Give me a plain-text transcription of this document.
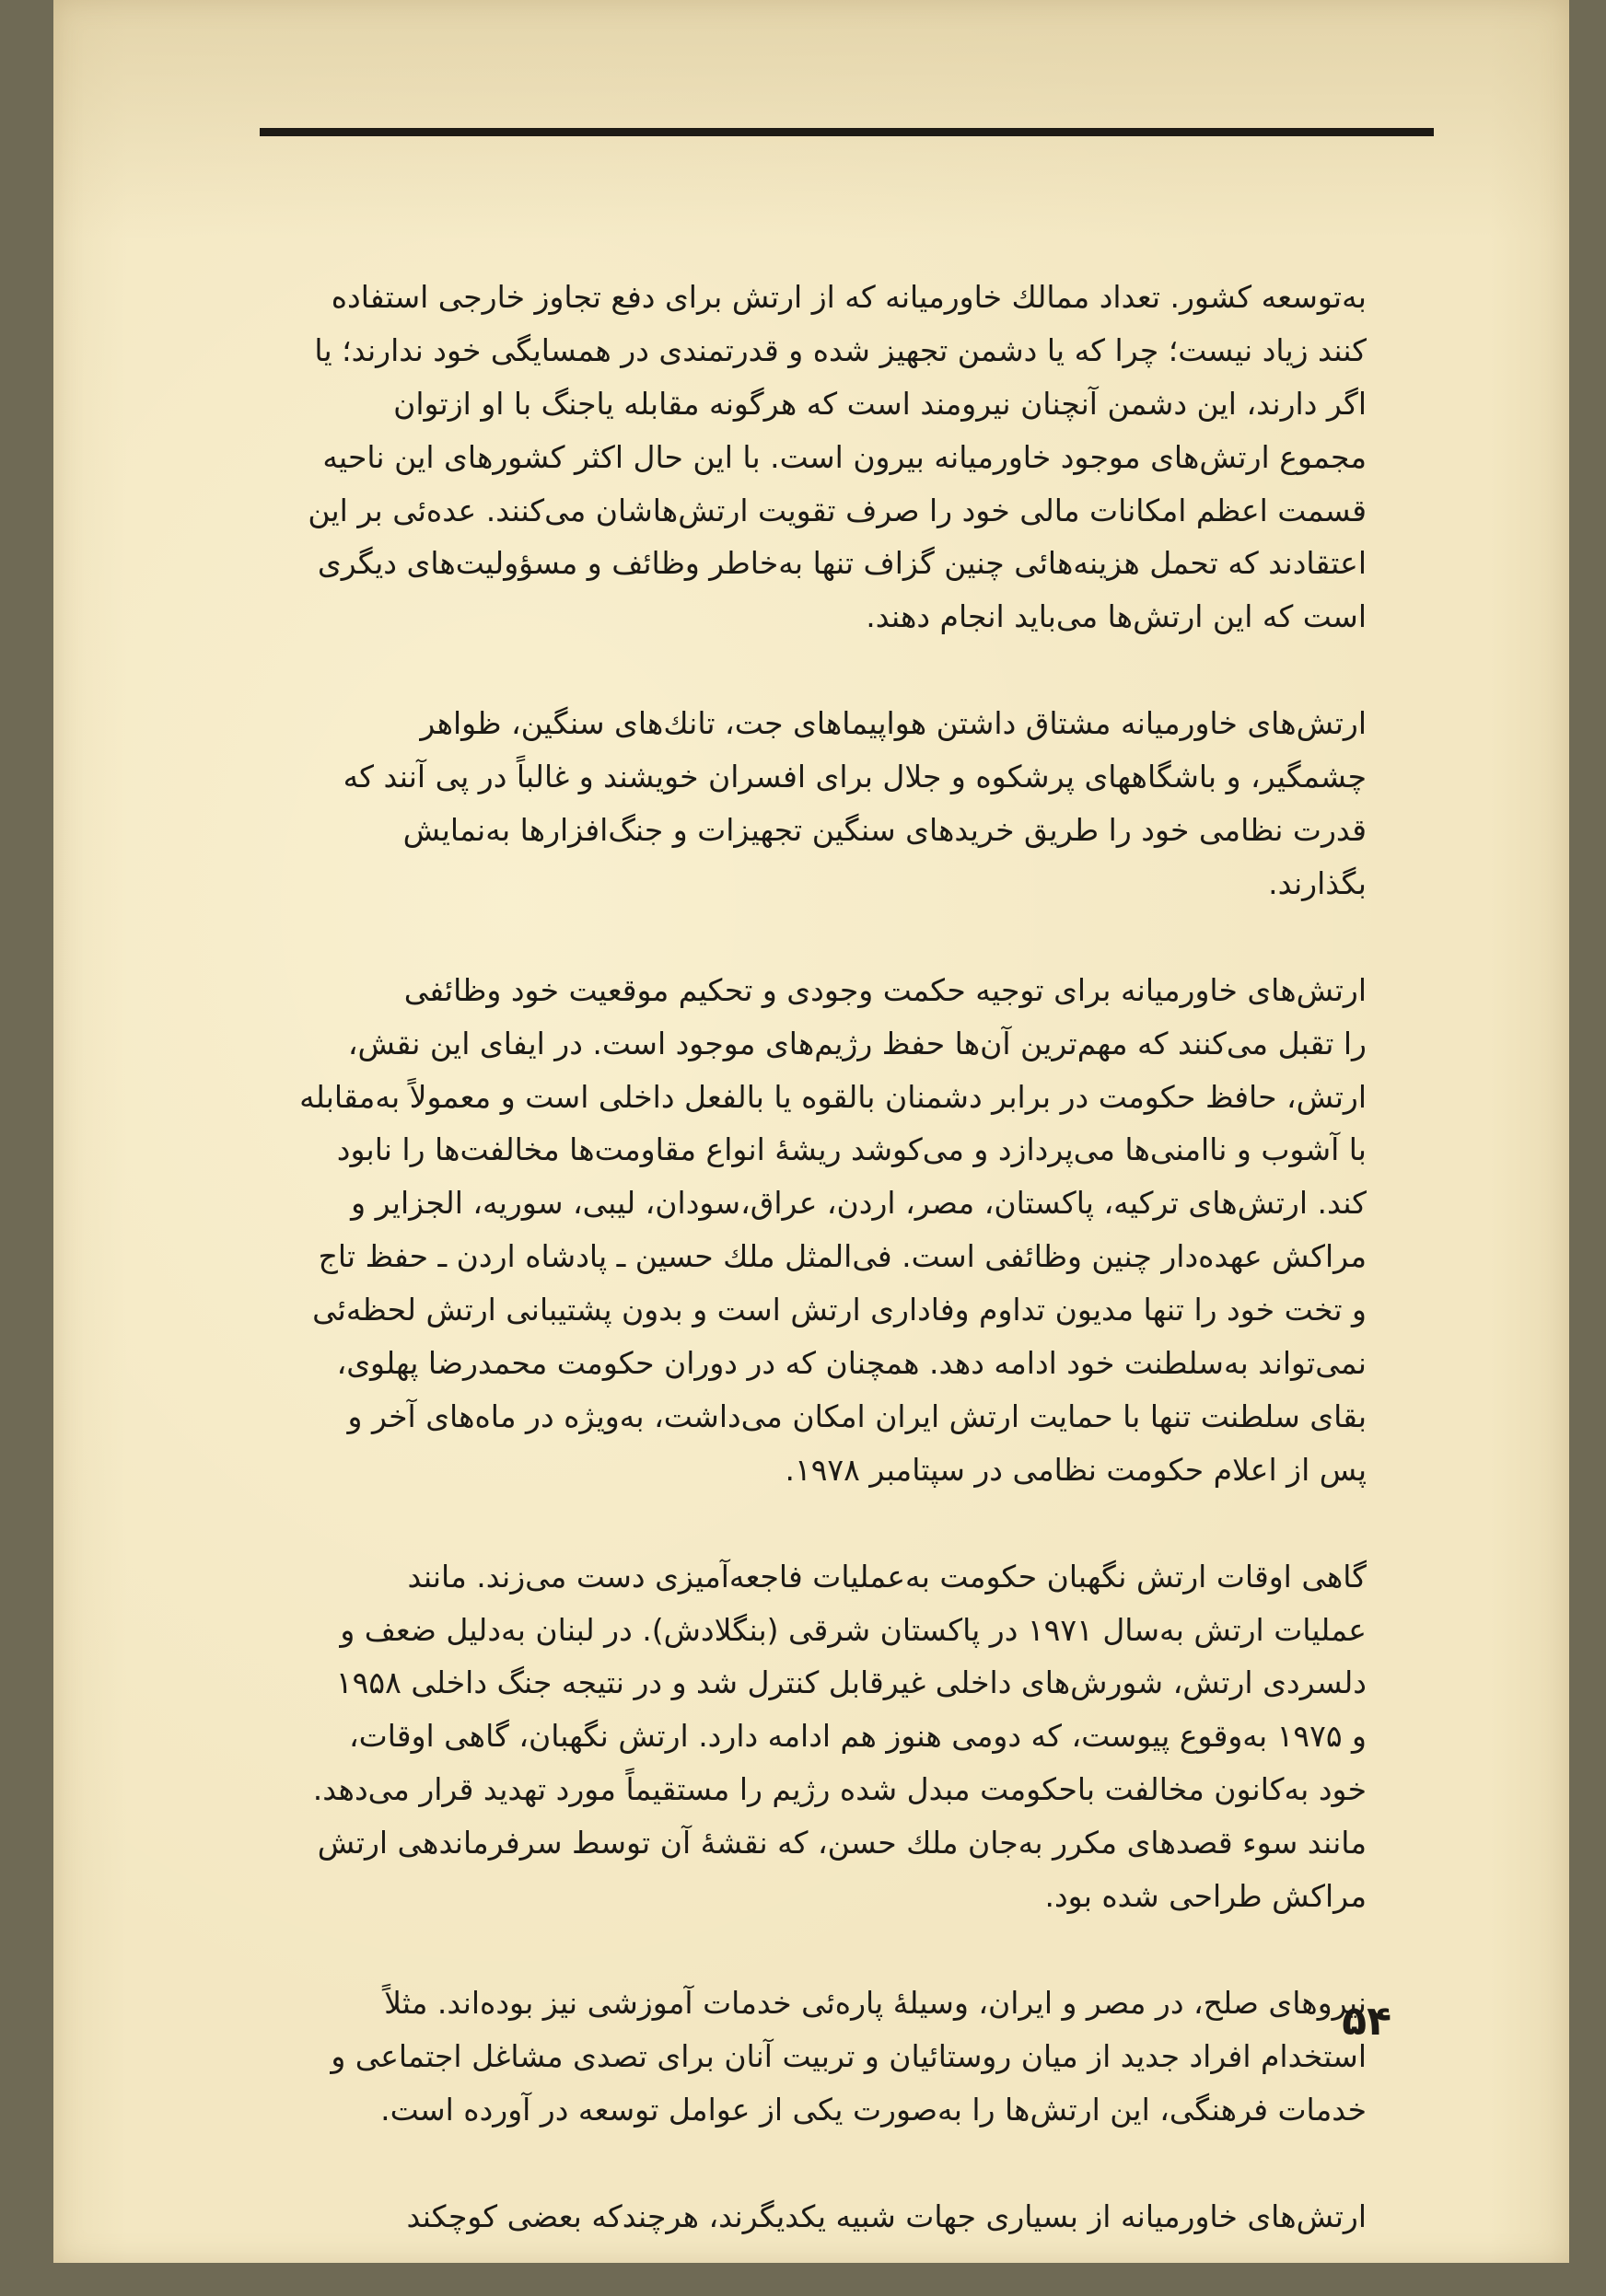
به‌توسعه کشور. تعداد ممالك خاورمیانه که از ارتش برای دفع تجاوز خارجی استفاده
کنند زیاد نیست؛ چرا که یا دشمن تجهیز شده و قدرتمندی در همسایگی خود ندارند؛ یا
اگر دارند، این دشمن آنچنان نیرومند است که هرگونه مقابله یاجنگ با او ازتوان
مجموع ارتش‌های موجود خاورمیانه بیرون است. با این حال اکثر کشورهای این ناحیه
قسمت اعظم امکانات مالی خود را صرف تقویت ارتش‌هاشان می‌کنند. عده‌ئی بر این
اعتقادند که تحمل هزینه‌هائی چنین گزاف تنها به‌خاطر وظائف و مسؤولیت‌های دیگری
است که این ارتش‌ها می‌باید انجام دهند.

ارتش‌های خاورمیانه مشتاق داشتن هواپیماهای جت، تانك‌های سنگین، ظواهر
چشمگیر، و باشگاههای پرشکوه و جلال برای افسران خویشند و غالباً در پی آنند که
قدرت نظامی خود را طریق خریدهای سنگین تجهیزات و جنگ‌افزارها به‌نمایش
بگذارند.

ارتش‌های خاورمیانه برای توجیه حکمت وجودی و تحکیم موقعیت خود وظائفی
را تقبل می‌کنند که مهم‌ترین آن‌ها حفظ رژیم‌های موجود است. در ایفای این نقش،
ارتش، حافظ حکومت در برابر دشمنان بالقوه یا بالفعل داخلی است و معمولاً به‌مقابله
با آشوب و ناامنی‌ها می‌پردازد و می‌کوشد ریشهٔ انواع مقاومت‌ها مخالفت‌ها را نابود
کند. ارتش‌های ترکیه، پاکستان، مصر، اردن، عراق،سودان، لیبی، سوریه، الجزایر و
مراکش عهده‌دار چنین وظائفی است. فی‌المثل ملك حسین ـ پادشاه اردن ـ حفظ تاج
و تخت خود را تنها مدیون تداوم وفاداری ارتش است و بدون پشتیبانی ارتش لحظه‌ئی
نمی‌تواند به‌سلطنت خود ادامه دهد. همچنان که در دوران حکومت محمدرضا پهلوی،
بقای سلطنت تنها با حمایت ارتش ایران امکان می‌داشت، به‌ویژه در ماه‌های آخر و
پس از اعلام حکومت نظامی در سپتامبر ۱۹۷۸.

گاهی اوقات ارتش نگهبان حکومت به‌عملیات فاجعه‌آمیزی دست می‌زند. مانند
عملیات ارتش به‌سال ۱۹۷۱ در پاکستان شرقی (بنگلادش). در لبنان به‌دلیل ضعف و
دلسردی ارتش، شورش‌های داخلی غیرقابل کنترل شد و در نتیجه جنگ داخلی ۱۹۵۸
و ۱۹۷۵ به‌وقوع پیوست، که دومی هنوز هم ادامه دارد. ارتش نگهبان، گاهی اوقات،
خود به‌کانون مخالفت باحکومت مبدل شده رژیم را مستقیماً مورد تهدید قرار می‌دهد.
مانند سوء قصدهای مکرر به‌جان ملك حسن، که نقشهٔ آن توسط سرفرماندهی ارتش
مراکش طراحی شده بود.

نیروهای صلح، در مصر و ایران، وسیلهٔ پاره‌ئی خدمات آموزشی نیز بوده‌اند. مثلاً
استخدام افراد جدید از میان روستائیان و تربیت آنان برای تصدی مشاغل اجتماعی و
خدمات فرهنگی، این ارتش‌ها را به‌صورت یکی از عوامل توسعه در آورده است.

ارتش‌های خاورمیانه از بسیاری جهات شبیه یکدیگرند، هرچندکه بعضی کوچکند

۵۴
